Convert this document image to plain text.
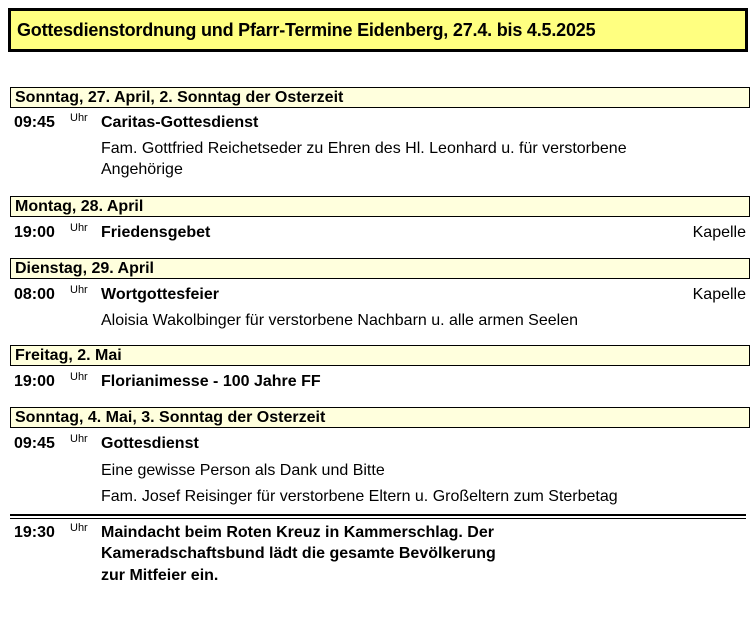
Gottesdienstordnung und Pfarr-Termine Eidenberg, 27.4. bis 4.5.2025
Sonntag, 27. April, 2. Sonntag der Osterzeit
09:45 Uhr Caritas-Gottesdienst
Fam. Gottfried Reichetseder zu Ehren des Hl. Leonhard u. für verstorbene
Angehörige
Montag, 28. April
19:00 Uhr Friedensgebet	Kapelle
Dienstag, 29. April
08:00 Uhr Wortgottesfeier	Kapelle
Aloisia Wakolbinger für verstorbene Nachbarn u. alle armen Seelen
Freitag, 2. Mai
19:00 Uhr Florianimesse - 100 Jahre FF
Sonntag, 4. Mai, 3. Sonntag der Osterzeit
09:45 Uhr Gottesdienst
Eine gewisse Person als Dank und Bitte
Fam. Josef Reisinger für verstorbene Eltern u. Großeltern zum Sterbetag
19:30 Uhr Maindacht beim Roten Kreuz in Kammerschlag. Der
Kameradschaftsbund lädt die gesamte Bevölkerung
zur Mitfeier ein.
